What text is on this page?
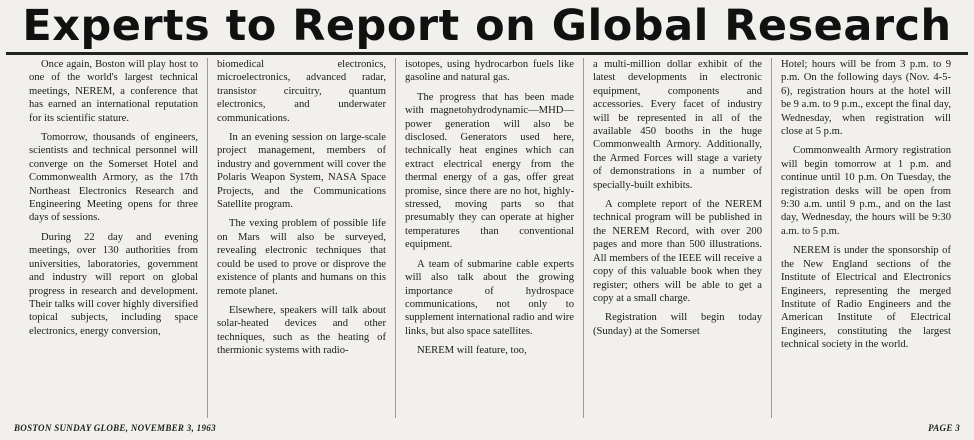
Experts to Report on Global Research

Once again, Boston will play host to one of the world's largest technical meetings, NEREM, a conference that has earned an international reputation for its scientific stature.

Tomorrow, thousands of engineers, scientists and technical personnel will converge on the Somerset Hotel and Commonwealth Armory, as the 17th Northeast Electronics Research and Engineering Meeting opens for three days of sessions.

During 22 day and evening meetings, over 130 authorities from universities, laboratories, government and industry will report on global progress in research and development. Their talks will cover highly diversified topical subjects, including space electronics, energy conversion,

biomedical electronics, microelectronics, advanced radar, transistor circuitry, quantum electronics, and underwater communications.

In an evening session on large-scale project management, members of industry and government will cover the Polaris Weapon System, NASA Space Projects, and the Communications Satellite program.

The vexing problem of possible life on Mars will also be surveyed, revealing electronic techniques that could be used to prove or disprove the existence of plants and humans on this remote planet.

Elsewhere, speakers will talk about solar-heated devices and other techniques, such as the heating of thermionic systems with radio-

isotopes, using hydrocarbon fuels like gasoline and natural gas.

The progress that has been made with magnetohydrodynamic—MHD—power generation will also be disclosed. Generators used here, technically heat engines which can extract electrical energy from the thermal energy of a gas, offer great promise, since there are no hot, highly-stressed, moving parts so that presumably they can operate at higher temperatures than conventional equipment.

A team of submarine cable experts will also talk about the growing importance of hydrospace communications, not only to supplement international radio and wire links, but also space satellites.

NEREM will feature, too,

a multi-million dollar exhibit of the latest developments in electronic equipment, components and accessories. Every facet of industry will be represented in all of the available 450 booths in the huge Commonwealth Armory. Additionally, the Armed Forces will stage a variety of demonstrations in a number of specially-built exhibits.

A complete report of the NEREM technical program will be published in the NEREM Record, with over 200 pages and more than 500 illustrations. All members of the IEEE will receive a copy of this valuable book when they register; others will be able to get a copy at a small charge.

Registration will begin today (Sunday) at the Somerset

Hotel; hours will be from 3 p.m. to 9 p.m. On the following days (Nov. 4-5-6), registration hours at the hotel will be 9 a.m. to 9 p.m., except the final day, Wednesday, when registration will close at 5 p.m.

Commonwealth Armory registration will begin tomorrow at 1 p.m. and continue until 10 p.m. On Tuesday, the registration desks will be open from 9:30 a.m. until 9 p.m., and on the last day, Wednesday, the hours will be 9:30 a.m. to 5 p.m.

NEREM is under the sponsorship of the New England sections of the Institute of Electrical and Electronics Engineers, representing the merged Institute of Radio Engineers and the American Institute of Electrical Engineers, constituting the largest technical society in the world.

BOSTON SUNDAY GLOBE, NOVEMBER 3, 1963	PAGE 3
